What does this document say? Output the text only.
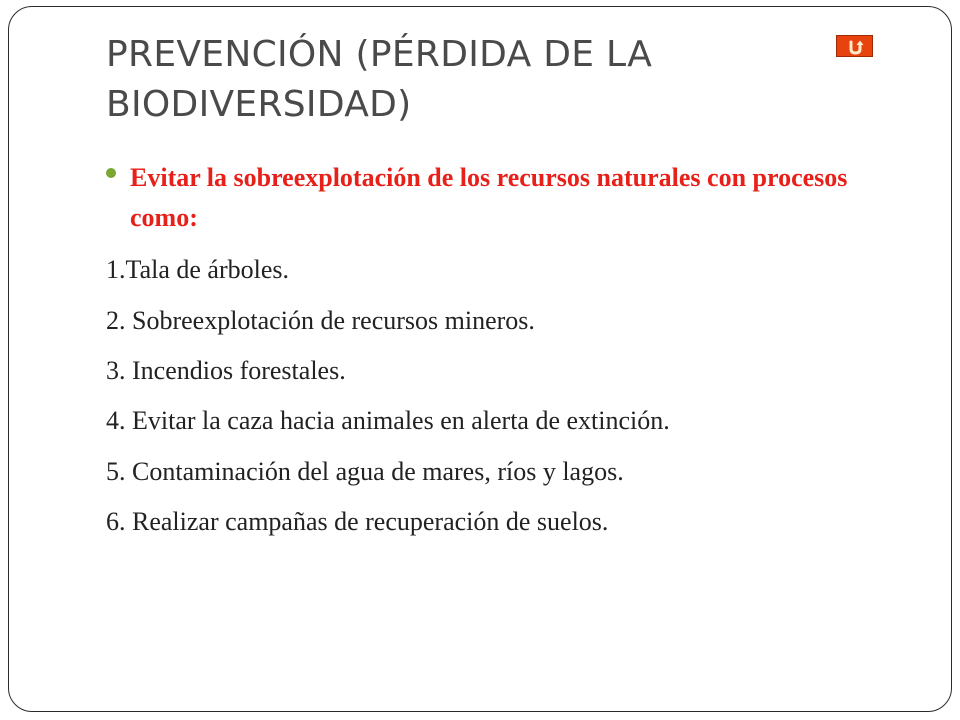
PREVENCIÓN (PÉRDIDA DE LA BIODIVERSIDAD)
Evitar la sobreexplotación de los recursos naturales con procesos como:
1.Tala de árboles.
2. Sobreexplotación de recursos mineros.
3. Incendios forestales.
4. Evitar la caza hacia animales en alerta de extinción.
5. Contaminación del agua de mares, ríos y lagos.
6. Realizar campañas de recuperación de suelos.
